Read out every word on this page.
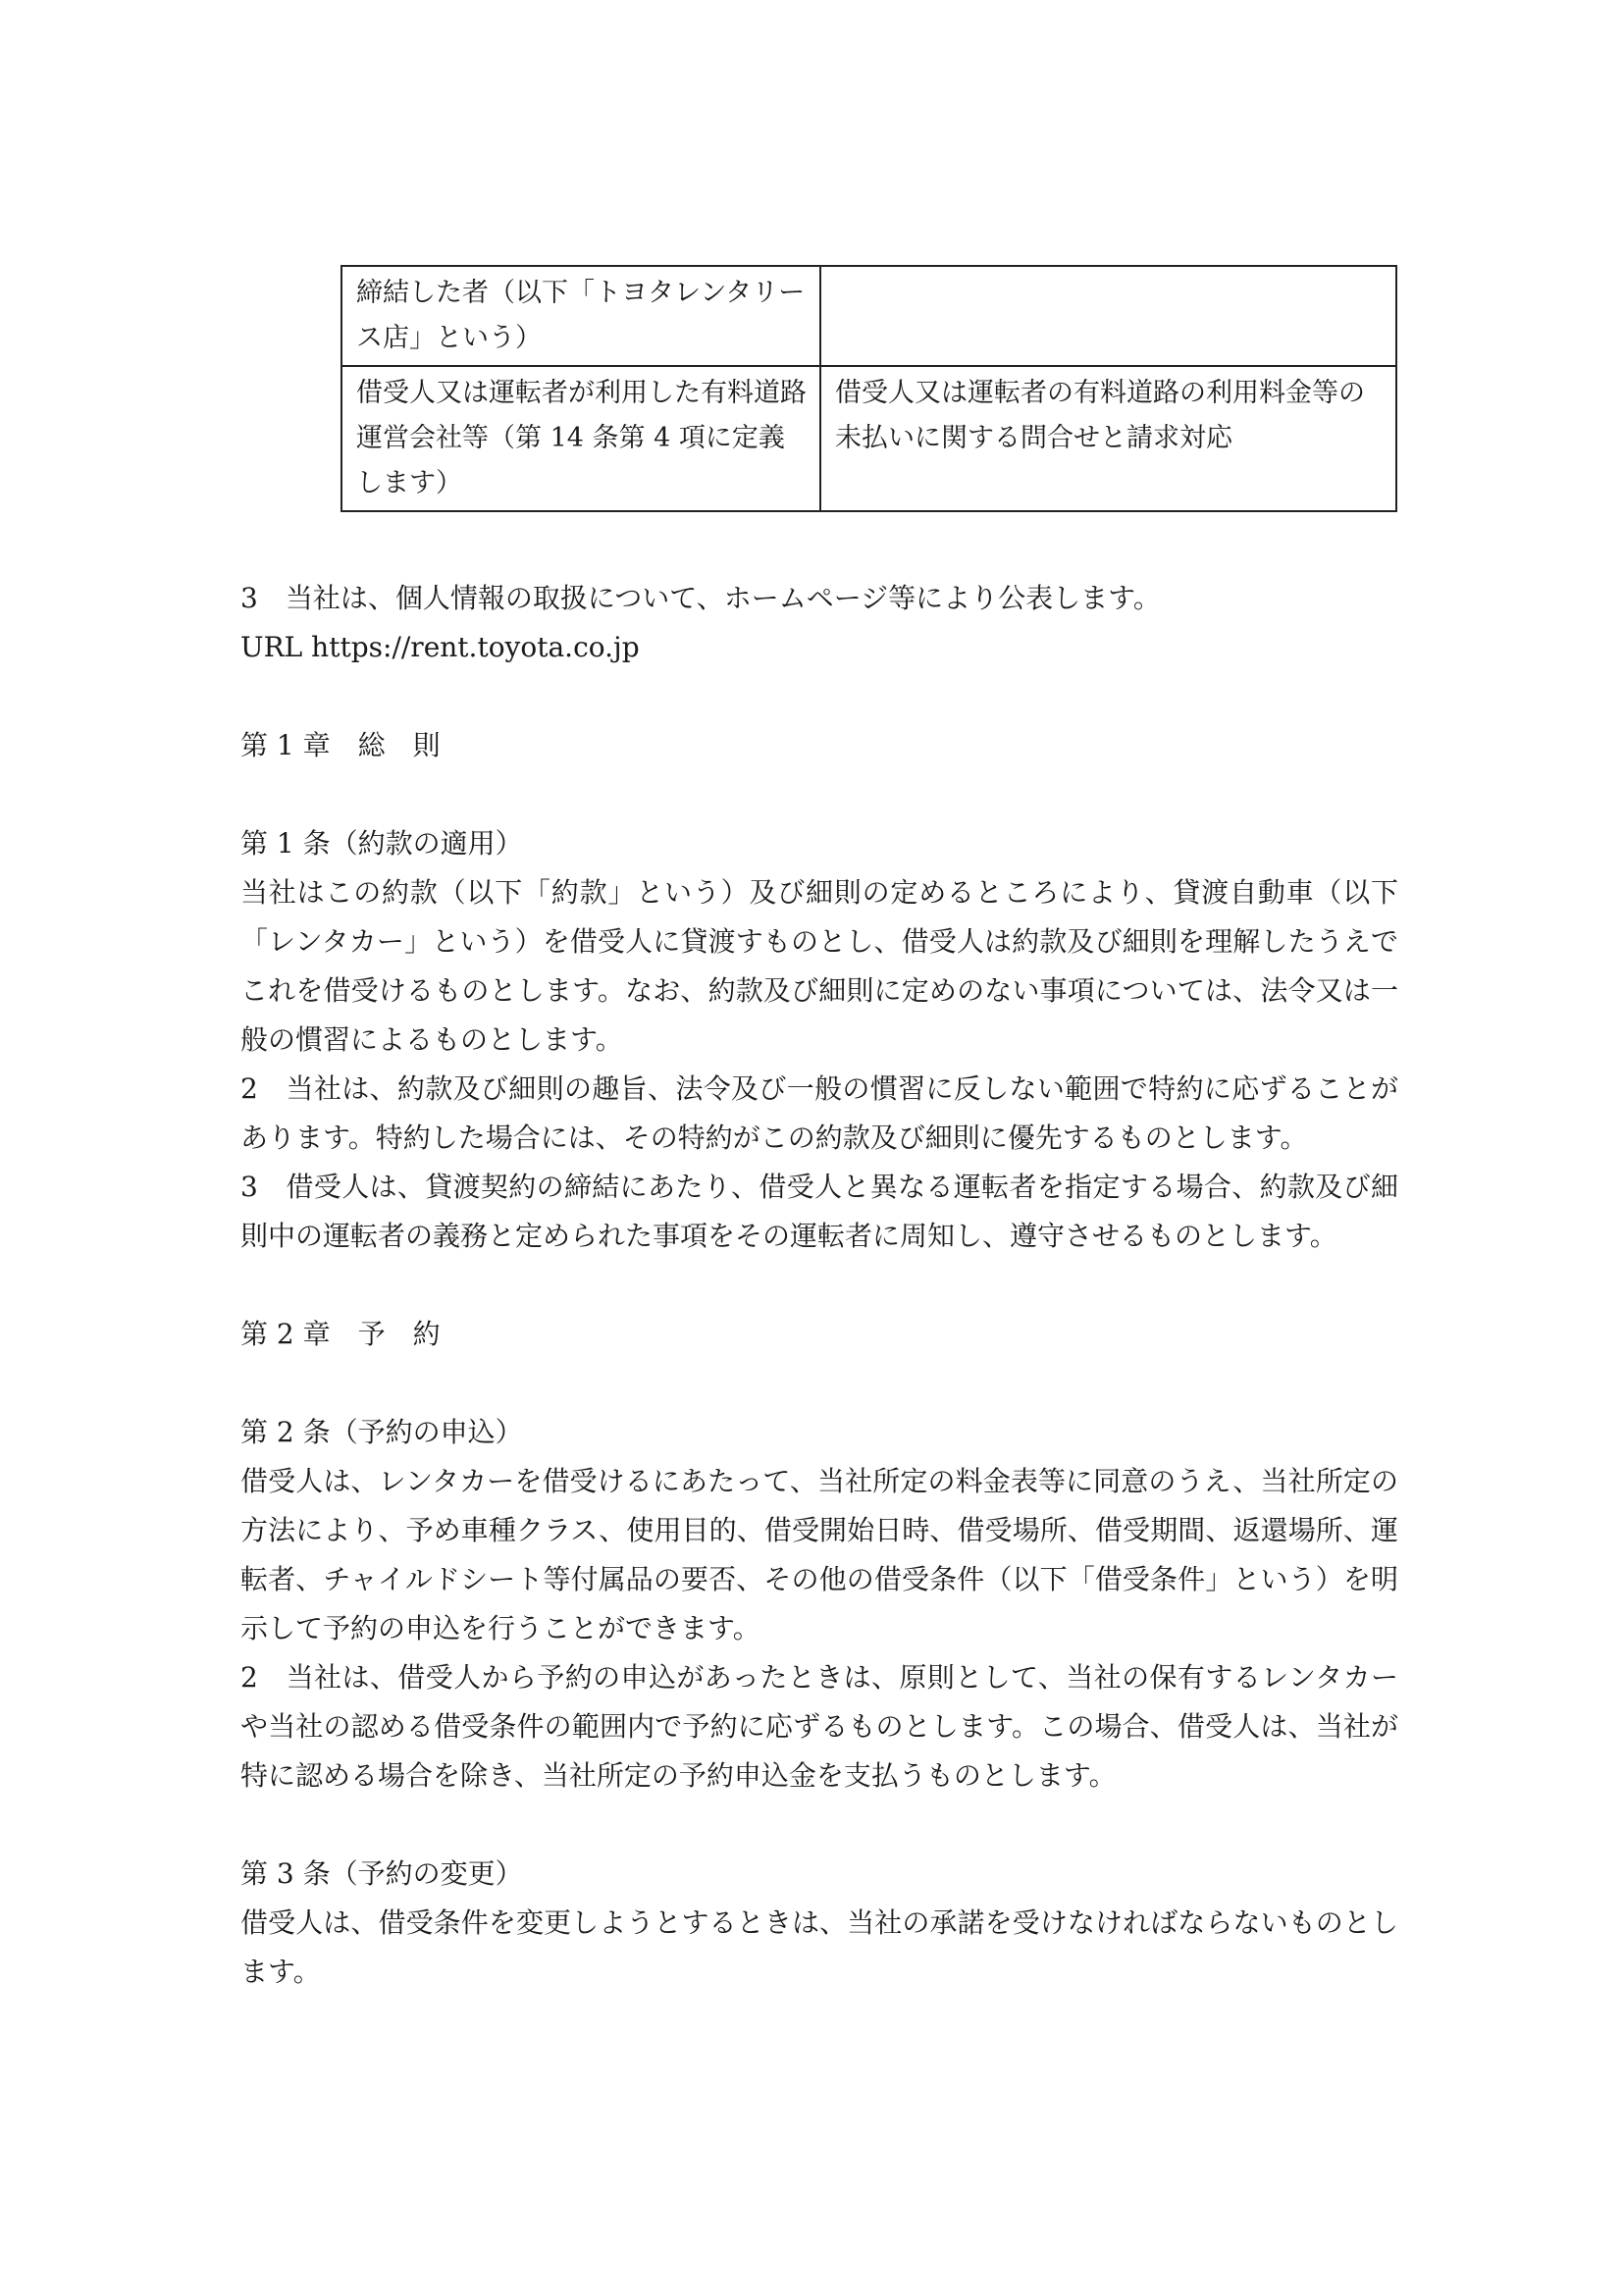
締結した者（以下「トヨタレンタリース店」という）	
借受人又は運転者が利用した有料道路運営会社等（第 14 条第 4 項に定義します）	借受人又は運転者の有料道路の利用料金等の未払いに関する問合せと請求対応

3　当社は、個人情報の取扱について、ホームページ等により公表します。

URL https://rent.toyota.co.jp

第 1 章　総　則

第 1 条（約款の適用）

当社はこの約款（以下「約款」という）及び細則の定めるところにより、貸渡自動車（以下「レンタカー」という）を借受人に貸渡すものとし、借受人は約款及び細則を理解したうえでこれを借受けるものとします。なお、約款及び細則に定めのない事項については、法令又は一般の慣習によるものとします。

2　当社は、約款及び細則の趣旨、法令及び一般の慣習に反しない範囲で特約に応ずることがあります。特約した場合には、その特約がこの約款及び細則に優先するものとします。

3　借受人は、貸渡契約の締結にあたり、借受人と異なる運転者を指定する場合、約款及び細則中の運転者の義務と定められた事項をその運転者に周知し、遵守させるものとします。

第 2 章　予　約

第 2 条（予約の申込）

借受人は、レンタカーを借受けるにあたって、当社所定の料金表等に同意のうえ、当社所定の方法により、予め車種クラス、使用目的、借受開始日時、借受場所、借受期間、返還場所、運転者、チャイルドシート等付属品の要否、その他の借受条件（以下「借受条件」という）を明示して予約の申込を行うことができます。

2　当社は、借受人から予約の申込があったときは、原則として、当社の保有するレンタカーや当社の認める借受条件の範囲内で予約に応ずるものとします。この場合、借受人は、当社が特に認める場合を除き、当社所定の予約申込金を支払うものとします。

第 3 条（予約の変更）

借受人は、借受条件を変更しようとするときは、当社の承諾を受けなければならないものとします。
